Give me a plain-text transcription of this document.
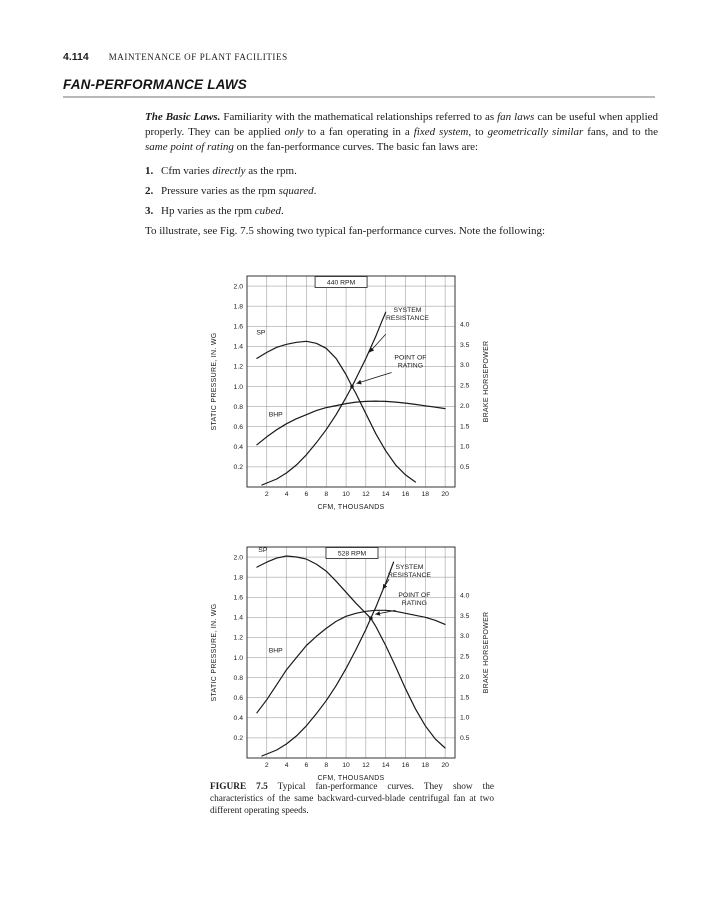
4.114 MAINTENANCE OF PLANT FACILITIES
FAN-PERFORMANCE LAWS

The Basic Laws. Familiarity with the mathematical relationships referred to as fan laws can be useful when applied properly. They can be applied only to a fan operating in a fixed system, to geometrically similar fans, and to the same point of rating on the fan-performance curves. The basic fan laws are:

1. Cfm varies directly as the rpm.
2. Pressure varies as the rpm squared.
3. Hp varies as the rpm cubed.

To illustrate, see Fig. 7.5 showing two typical fan-performance curves. Note the following:

2 4 6 8 10 12 14 16 18 20
0.2
0.4
0.6
0.8
1.0
1.2
1.4
1.6
1.8
2.0
0.5
1.0
1.5
2.0
2.5
3.0
3.5
4.0
STATIC PRESSURE, IN. WG	BRAKE HORSEPOWER
CFM, THOUSANDS
440 RPM
SP
BHP
SYSTEM
RESISTANCE
POINT OF
RATING
2 4 6 8 10 12 14 16 18 20
0.2
0.4
0.6
0.8
1.0
1.2
1.4
1.6
1.8
2.0
0.5
1.0
1.5
2.0
2.5
3.0
3.5
4.0
STATIC PRESSURE, IN. WG	BRAKE HORSEPOWER
CFM, THOUSANDS
528 RPM
SP
BHP
SYSTEM
RESISTANCE
POINT OF
RATING

FIGURE 7.5 Typical fan-performance curves. They show the characteristics of the same backward-curved-blade centrifugal fan at two different operating speeds.
